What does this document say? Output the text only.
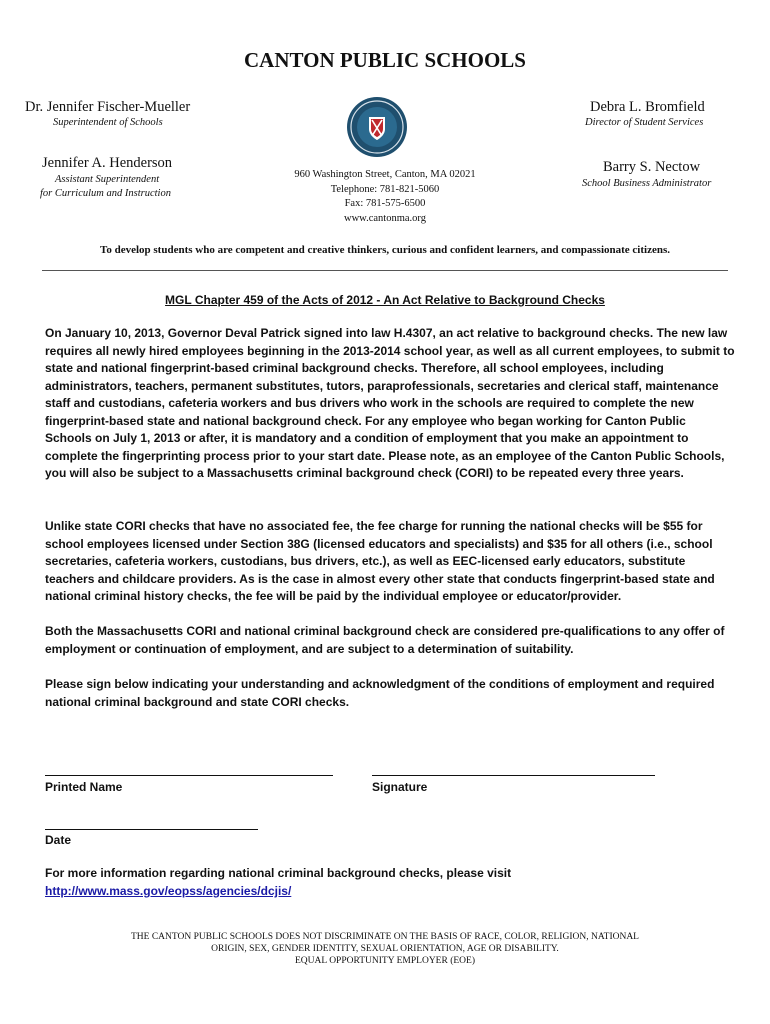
CANTON PUBLIC SCHOOLS
Dr. Jennifer Fischer-Mueller
Superintendent of Schools
Debra L. Bromfield
Director of Student Services
Jennifer A. Henderson
Assistant Superintendent
for Curriculum and Instruction
Barry S. Nectow
School Business Administrator
960 Washington Street, Canton, MA 02021
Telephone: 781-821-5060
Fax: 781-575-6500
www.cantonma.org
To develop students who are competent and creative thinkers, curious and confident learners, and compassionate citizens.
MGL Chapter 459 of the Acts of 2012 - An Act Relative to Background Checks

On January 10, 2013, Governor Deval Patrick signed into law H.4307, an act relative to background checks. The new law requires all newly hired employees beginning in the 2013-2014 school year, as well as all current employees, to submit to state and national fingerprint-based criminal background checks. Therefore, all school employees, including administrators, teachers, permanent substitutes, tutors, paraprofessionals, secretaries and clerical staff, maintenance staff and custodians, cafeteria workers and bus drivers who work in the schools are required to complete the new fingerprint-based state and national background check. For any employee who began working for Canton Public Schools on July 1, 2013 or after, it is mandatory and a condition of employment that you make an appointment to complete the fingerprinting process prior to your start date. Please note, as an employee of the Canton Public Schools, you will also be subject to a Massachusetts criminal background check (CORI) to be repeated every three years.

Unlike state CORI checks that have no associated fee, the fee charge for running the national checks will be $55 for school employees licensed under Section 38G (licensed educators and specialists) and $35 for all others (i.e., school secretaries, cafeteria workers, custodians, bus drivers, etc.), as well as EEC-licensed early educators, substitute teachers and childcare providers. As is the case in almost every other state that conducts fingerprint-based state and national criminal history checks, the fee will be paid by the individual employee or educator/provider.

Both the Massachusetts CORI and national criminal background check are considered pre-qualifications to any offer of employment or continuation of employment, and are subject to a determination of suitability.

Please sign below indicating your understanding and acknowledgment of the conditions of employment and required national criminal background and state CORI checks.

Printed Name	Signature
Date
For more information regarding national criminal background checks, please visit
http://www.mass.gov/eopss/agencies/dcjis/
THE CANTON PUBLIC SCHOOLS DOES NOT DISCRIMINATE ON THE BASIS OF RACE, COLOR, RELIGION, NATIONAL
ORIGIN, SEX, GENDER IDENTITY, SEXUAL ORIENTATION, AGE OR DISABILITY.
EQUAL OPPORTUNITY EMPLOYER (EOE)
